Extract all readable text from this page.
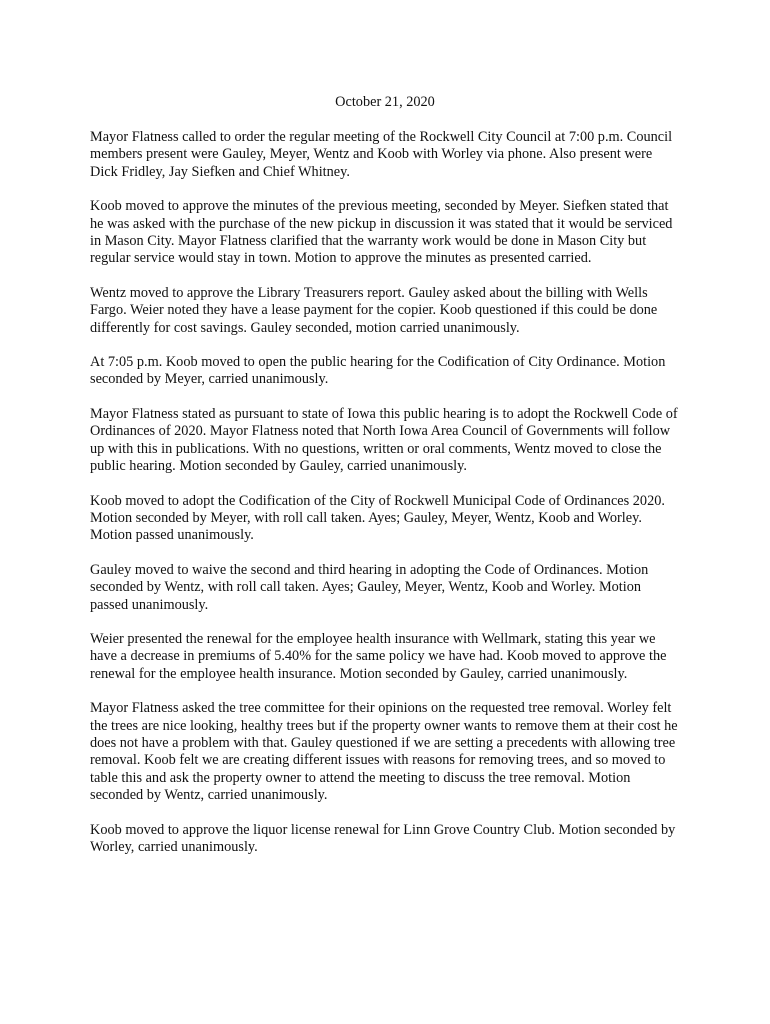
October 21, 2020

Mayor Flatness called to order the regular meeting of the Rockwell City Council at 7:00 p.m. Council members present were Gauley, Meyer, Wentz and Koob with Worley via phone. Also present were Dick Fridley, Jay Siefken and Chief Whitney.

Koob moved to approve the minutes of the previous meeting, seconded by Meyer. Siefken stated that he was asked with the purchase of the new pickup in discussion it was stated that it would be serviced in Mason City. Mayor Flatness clarified that the warranty work would be done in Mason City but regular service would stay in town. Motion to approve the minutes as presented carried.

Wentz moved to approve the Library Treasurers report. Gauley asked about the billing with Wells Fargo. Weier noted they have a lease payment for the copier. Koob questioned if this could be done differently for cost savings. Gauley seconded, motion carried unanimously.

At 7:05 p.m. Koob moved to open the public hearing for the Codification of City Ordinance. Motion seconded by Meyer, carried unanimously.

Mayor Flatness stated as pursuant to state of Iowa this public hearing is to adopt the Rockwell Code of Ordinances of 2020. Mayor Flatness noted that North Iowa Area Council of Governments will follow up with this in publications. With no questions, written or oral comments, Wentz moved to close the public hearing. Motion seconded by Gauley, carried unanimously.

Koob moved to adopt the Codification of the City of Rockwell Municipal Code of Ordinances 2020. Motion seconded by Meyer, with roll call taken. Ayes; Gauley, Meyer, Wentz, Koob and Worley. Motion passed unanimously.

Gauley moved to waive the second and third hearing in adopting the Code of Ordinances. Motion seconded by Wentz, with roll call taken. Ayes; Gauley, Meyer, Wentz, Koob and Worley. Motion passed unanimously.

Weier presented the renewal for the employee health insurance with Wellmark, stating this year we have a decrease in premiums of 5.40% for the same policy we have had. Koob moved to approve the renewal for the employee health insurance. Motion seconded by Gauley, carried unanimously.

Mayor Flatness asked the tree committee for their opinions on the requested tree removal. Worley felt the trees are nice looking, healthy trees but if the property owner wants to remove them at their cost he does not have a problem with that. Gauley questioned if we are setting a precedents with allowing tree removal. Koob felt we are creating different issues with reasons for removing trees, and so moved to table this and ask the property owner to attend the meeting to discuss the tree removal. Motion seconded by Wentz, carried unanimously.

Koob moved to approve the liquor license renewal for Linn Grove Country Club. Motion seconded by Worley, carried unanimously.
